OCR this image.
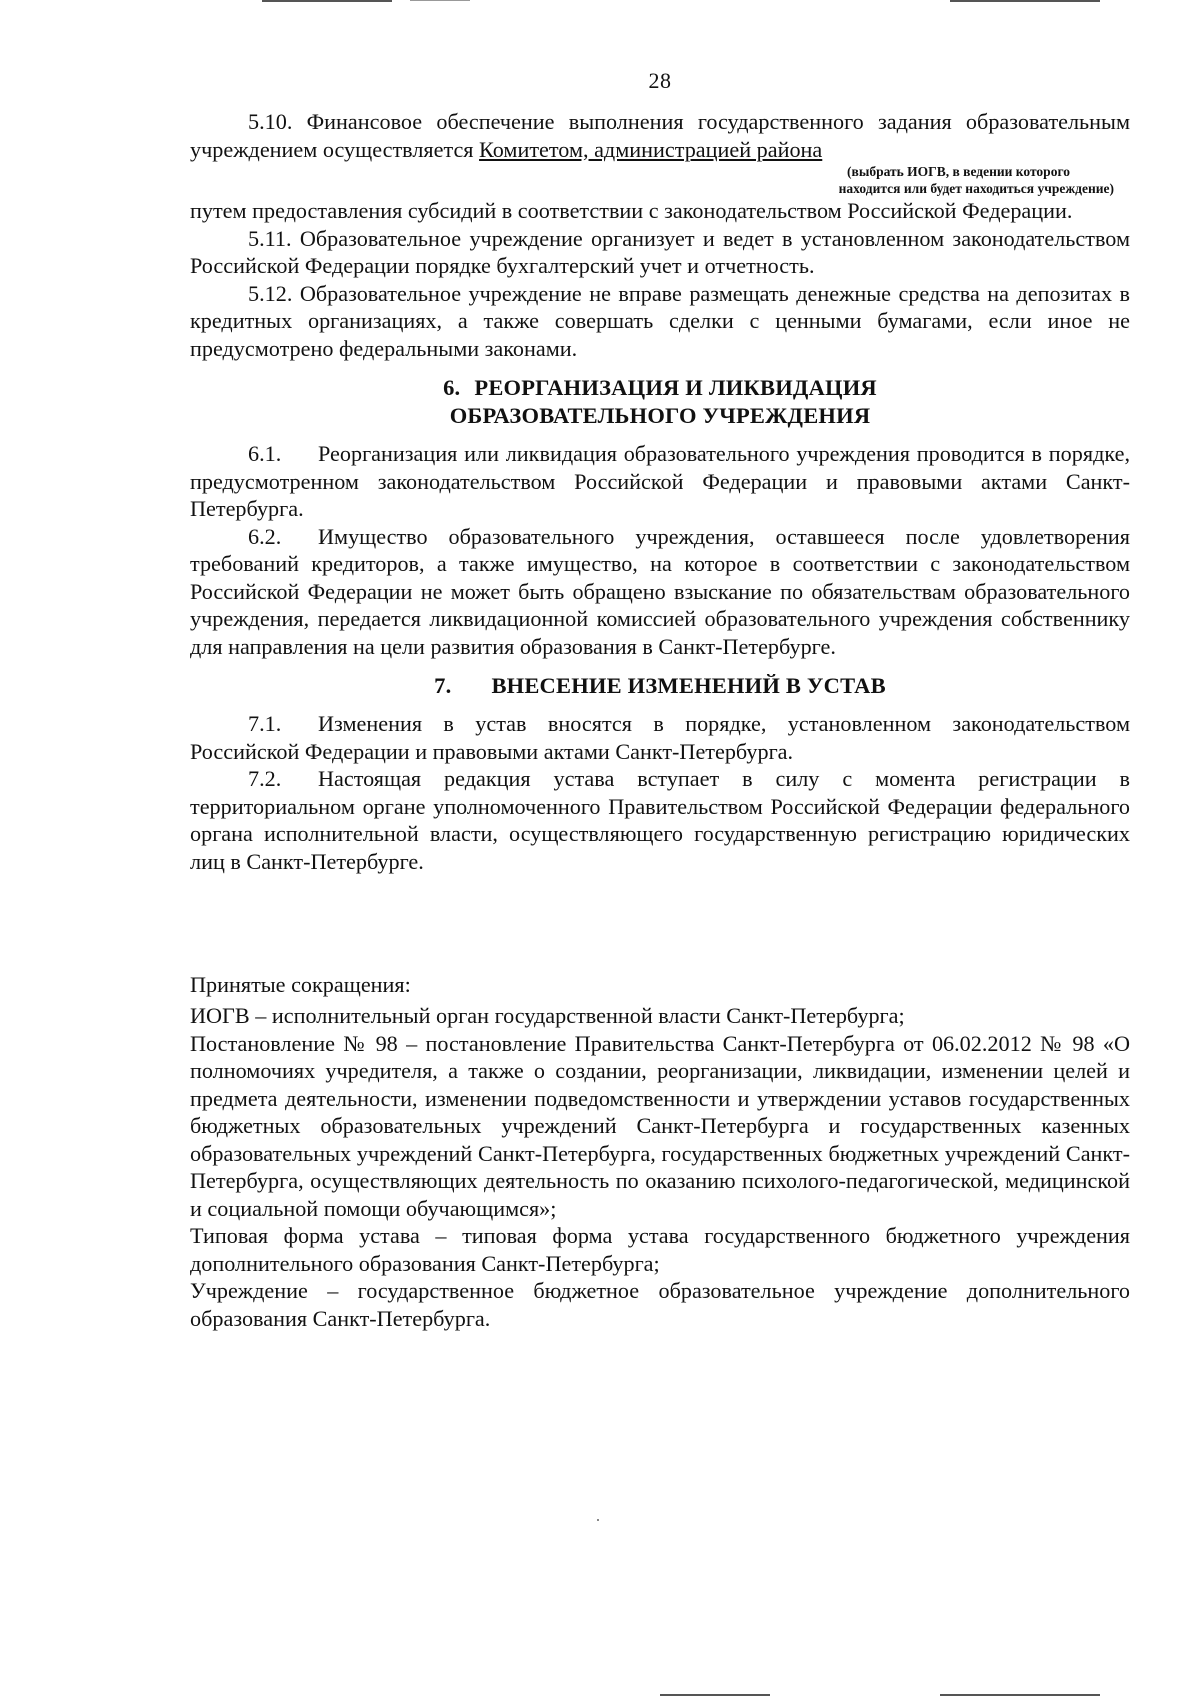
28

5.10. Финансовое обеспечение выполнения государственного задания образовательным учреждением осуществляется Комитетом, администрацией района

(выбрать ИОГВ, в ведении которого
находится или будет находиться учреждение)

путем предоставления субсидий в соответствии с законодательством Российской Федерации.

5.11. Образовательное учреждение организует и ведет в установленном законодательством Российской Федерации порядке бухгалтерский учет и отчетность.

5.12. Образовательное учреждение не вправе размещать денежные средства на депозитах в кредитных организациях, а также совершать сделки с ценными бумагами, если иное не предусмотрено федеральными законами.

6. РЕОРГАНИЗАЦИЯ И ЛИКВИДАЦИЯ
ОБРАЗОВАТЕЛЬНОГО УЧРЕЖДЕНИЯ

6.1. Реорганизация или ликвидация образовательного учреждения проводится в порядке, предусмотренном законодательством Российской Федерации и правовыми актами Санкт-Петербурга.

6.2. Имущество образовательного учреждения, оставшееся после удовлетворения требований кредиторов, а также имущество, на которое в соответствии с законодательством Российской Федерации не может быть обращено взыскание по обязательствам образовательного учреждения, передается ликвидационной комиссией образовательного учреждения собственнику для направления на цели развития образования в Санкт-Петербурге.

7. ВНЕСЕНИЕ ИЗМЕНЕНИЙ В УСТАВ

7.1. Изменения в устав вносятся в порядке, установленном законодательством Российской Федерации и правовыми актами Санкт-Петербурга.

7.2. Настоящая редакция устава вступает в силу с момента регистрации в территориальном органе уполномоченного Правительством Российской Федерации федерального органа исполнительной власти, осуществляющего государственную регистрацию юридических лиц в Санкт-Петербурге.

Принятые сокращения:

ИОГВ – исполнительный орган государственной власти Санкт-Петербурга;

Постановление № 98 – постановление Правительства Санкт-Петербурга от 06.02.2012 № 98 «О полномочиях учредителя, а также о создании, реорганизации, ликвидации, изменении целей и предмета деятельности, изменении подведомственности и утверждении уставов государственных бюджетных образовательных учреждений Санкт-Петербурга и государственных казенных образовательных учреждений Санкт-Петербурга, государственных бюджетных учреждений Санкт-Петербурга, осуществляющих деятельность по оказанию психолого-педагогической, медицинской и социальной помощи обучающимся»;

Типовая форма устава – типовая форма устава государственного бюджетного учреждения дополнительного образования Санкт-Петербурга;

Учреждение – государственное бюджетное образовательное учреждение дополнительного образования Санкт-Петербурга.
